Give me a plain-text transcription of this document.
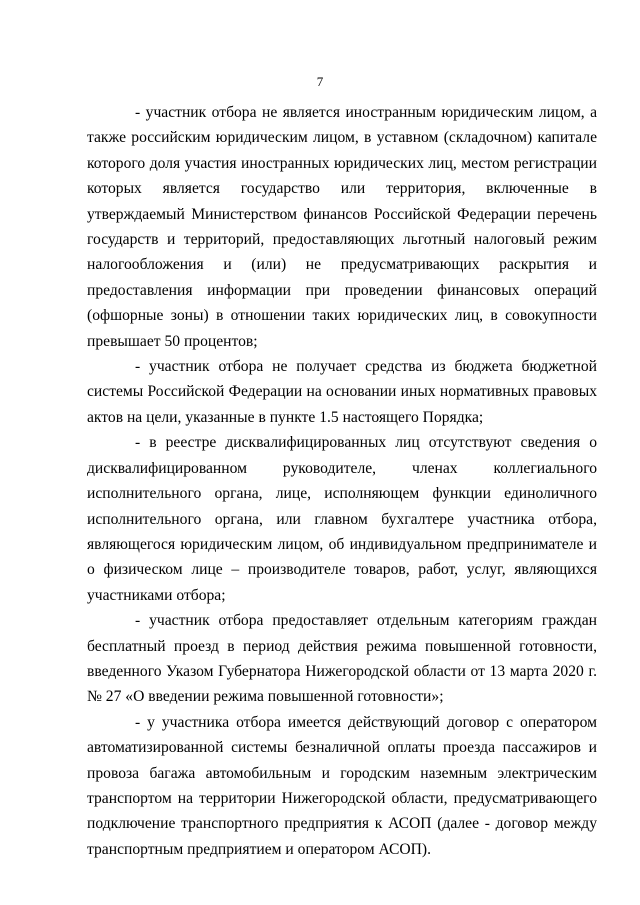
7

- участник отбора не является иностранным юридическим лицом, а также российским юридическим лицом, в уставном (складочном) капитале которого доля участия иностранных юридических лиц, местом регистрации которых является государство или территория, включенные в утверждаемый Министерством финансов Российской Федерации перечень государств и территорий, предоставляющих льготный налоговый режим налогообложения и (или) не предусматривающих раскрытия и предоставления информации при проведении финансовых операций (офшорные зоны) в отношении таких юридических лиц, в совокупности превышает 50 процентов;

- участник отбора не получает средства из бюджета бюджетной системы Российской Федерации на основании иных нормативных правовых актов на цели, указанные в пункте 1.5 настоящего Порядка;

- в реестре дисквалифицированных лиц отсутствуют сведения о дисквалифицированном руководителе, членах коллегиального исполнительного органа, лице, исполняющем функции единоличного исполнительного органа, или главном бухгалтере участника отбора, являющегося юридическим лицом, об индивидуальном предпринимателе и о физическом лице – производителе товаров, работ, услуг, являющихся участниками отбора;

- участник отбора предоставляет отдельным категориям граждан бесплатный проезд в период действия режима повышенной готовности, введенного Указом Губернатора Нижегородской области от 13 марта 2020 г. № 27 «О введении режима повышенной готовности»;

- у участника отбора имеется действующий договор с оператором автоматизированной системы безналичной оплаты проезда пассажиров и провоза багажа автомобильным и городским наземным электрическим транспортом на территории Нижегородской области, предусматривающего подключение транспортного предприятия к АСОП (далее - договор между транспортным предприятием и оператором АСОП).
